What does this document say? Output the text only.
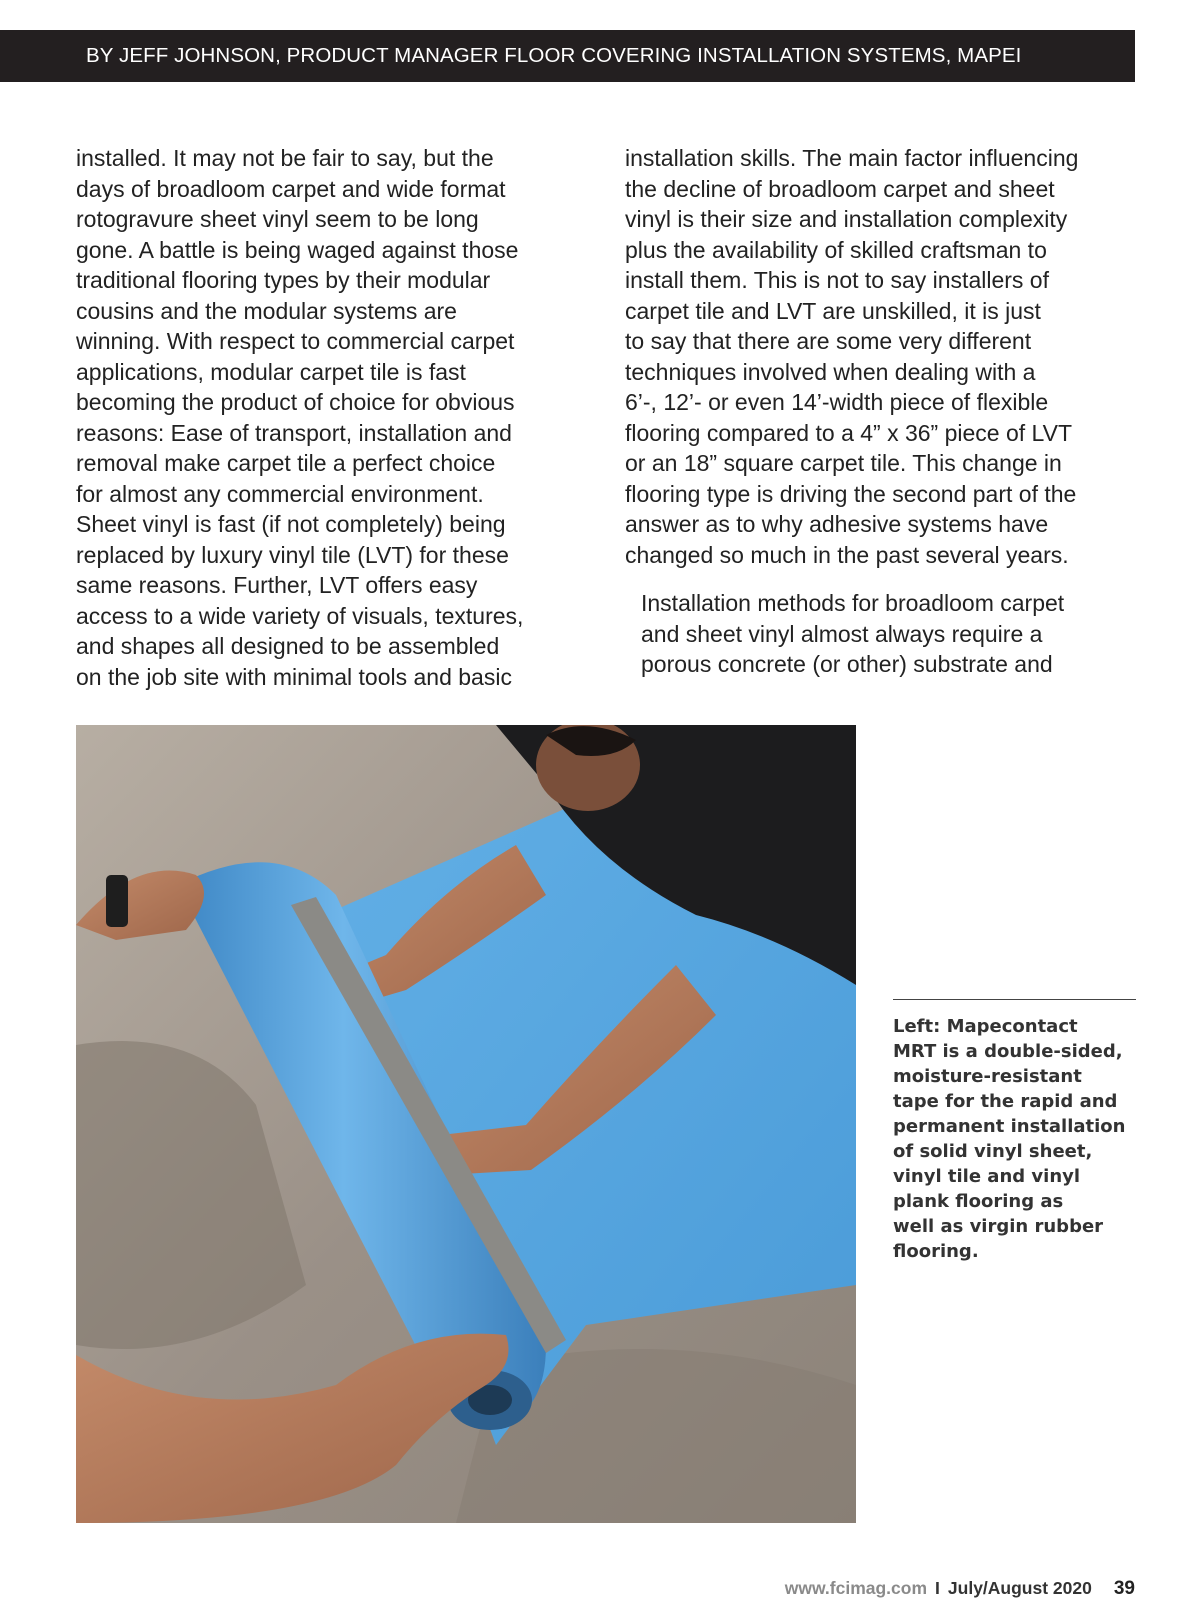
BY JEFF JOHNSON, PRODUCT MANAGER FLOOR COVERING INSTALLATION SYSTEMS, MAPEI

installed. It may not be fair to say, but the
days of broadloom carpet and wide format
rotogravure sheet vinyl seem to be long
gone. A battle is being waged against those
traditional flooring types by their modular
cousins and the modular systems are
winning. With respect to commercial carpet
applications, modular carpet tile is fast
becoming the product of choice for obvious
reasons: Ease of transport, installation and
removal make carpet tile a perfect choice
for almost any commercial environment.
Sheet vinyl is fast (if not completely) being
replaced by luxury vinyl tile (LVT) for these
same reasons. Further, LVT offers easy
access to a wide variety of visuals, textures,
and shapes all designed to be assembled
on the job site with minimal tools and basic

installation skills. The main factor influencing
the decline of broadloom carpet and sheet
vinyl is their size and installation complexity
plus the availability of skilled craftsman to
install them. This is not to say installers of
carpet tile and LVT are unskilled, it is just
to say that there are some very different
techniques involved when dealing with a
6’-, 12’- or even 14’-width piece of flexible
flooring compared to a 4” x 36” piece of LVT
or an 18” square carpet tile. This change in
flooring type is driving the second part of the
answer as to why adhesive systems have
changed so much in the past several years.

Installation methods for broadloom carpet
and sheet vinyl almost always require a
porous concrete (or other) substrate and

Left: Mapecontact
MRT is a double-sided,
moisture-resistant
tape for the rapid and
permanent installation
of solid vinyl sheet,
vinyl tile and vinyl
plank flooring as
well as virgin rubber
flooring.
www.fcimag.com I July/August 2020 39
